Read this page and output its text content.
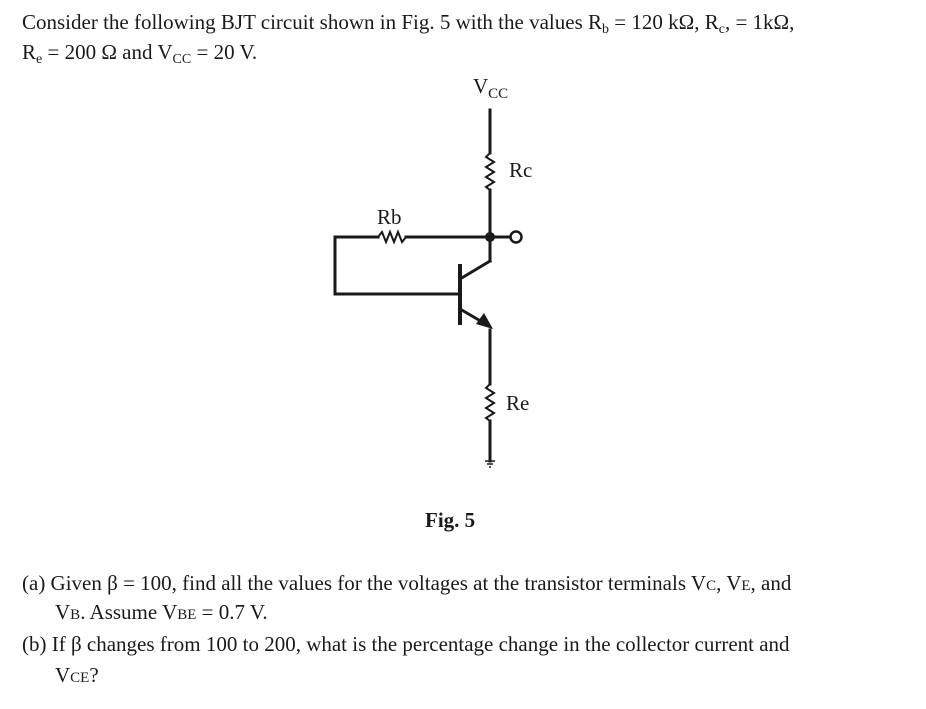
Consider the following BJT circuit shown in Fig. 5 with the values Rb = 120 kΩ, Rc, = 1kΩ,
Re = 200 Ω and VCC = 20 V.
$V_{CC}$
Rc
Rb
Re
Fig. 5
(a) Given β = 100, find all the values for the voltages at the transistor terminals VC, VE, and
VB. Assume VBE = 0.7 V.
(b) If β changes from 100 to 200, what is the percentage change in the collector current and
VCE?
